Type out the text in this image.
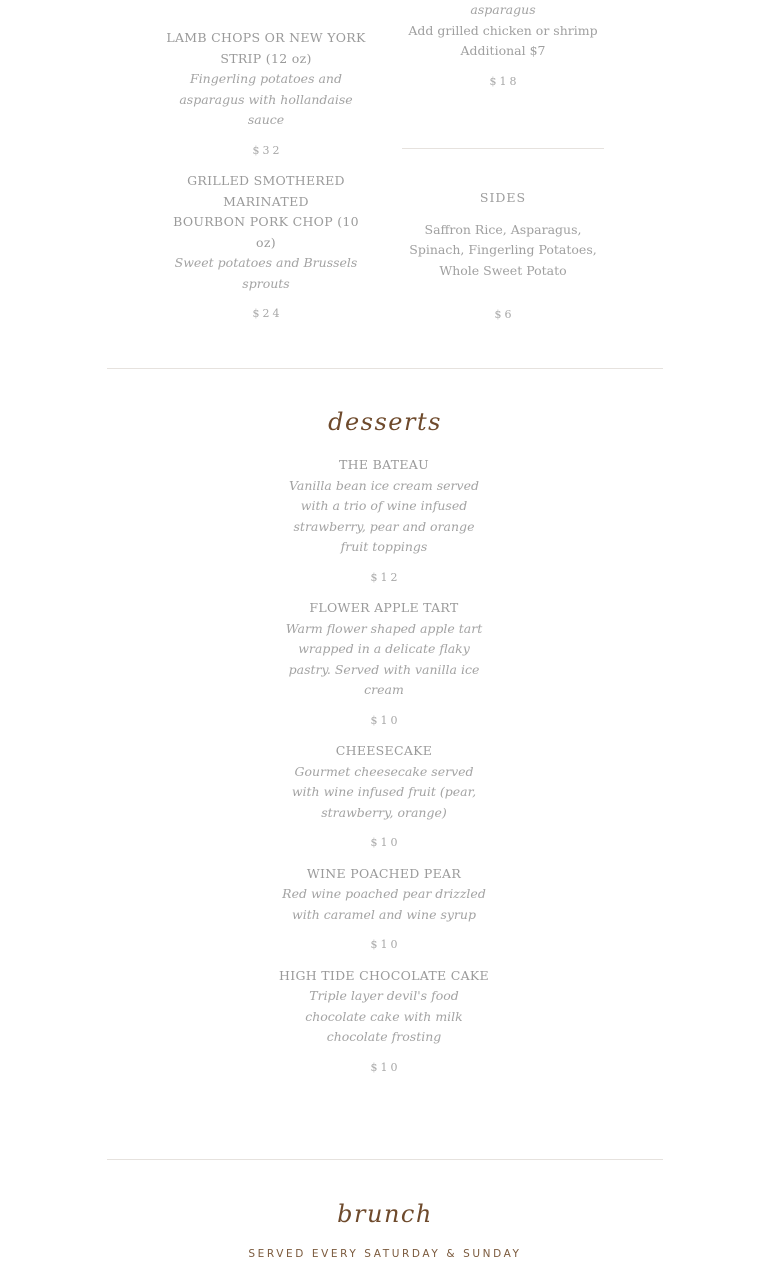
LAMB CHOPS OR NEW YORK STRIP (12 oz)
Fingerling potatoes and asparagus with hollandaise sauce
$32
GRILLED SMOTHERED
MARINATED
BOURBON PORK CHOP (10 oz)
Sweet potatoes and Brussels sprouts
$24
asparagus
Add grilled chicken or shrimp
Additional $7
$18
SIDES
Saffron Rice, Asparagus, Spinach, Fingerling Potatoes, Whole Sweet Potato
$6
desserts
THE BATEAU
Vanilla bean ice cream served with a trio of wine infused strawberry, pear and orange fruit toppings
$12
FLOWER APPLE TART
Warm flower shaped apple tart wrapped in a delicate flaky pastry. Served with vanilla ice cream
$10
CHEESECAKE
Gourmet cheesecake served with wine infused fruit (pear, strawberry, orange)
$10
WINE POACHED PEAR
Red wine poached pear drizzled with caramel and wine syrup
$10
HIGH TIDE CHOCOLATE CAKE
Triple layer devil's food chocolate cake with milk chocolate frosting
$10
brunch
SERVED EVERY SATURDAY & SUNDAY
